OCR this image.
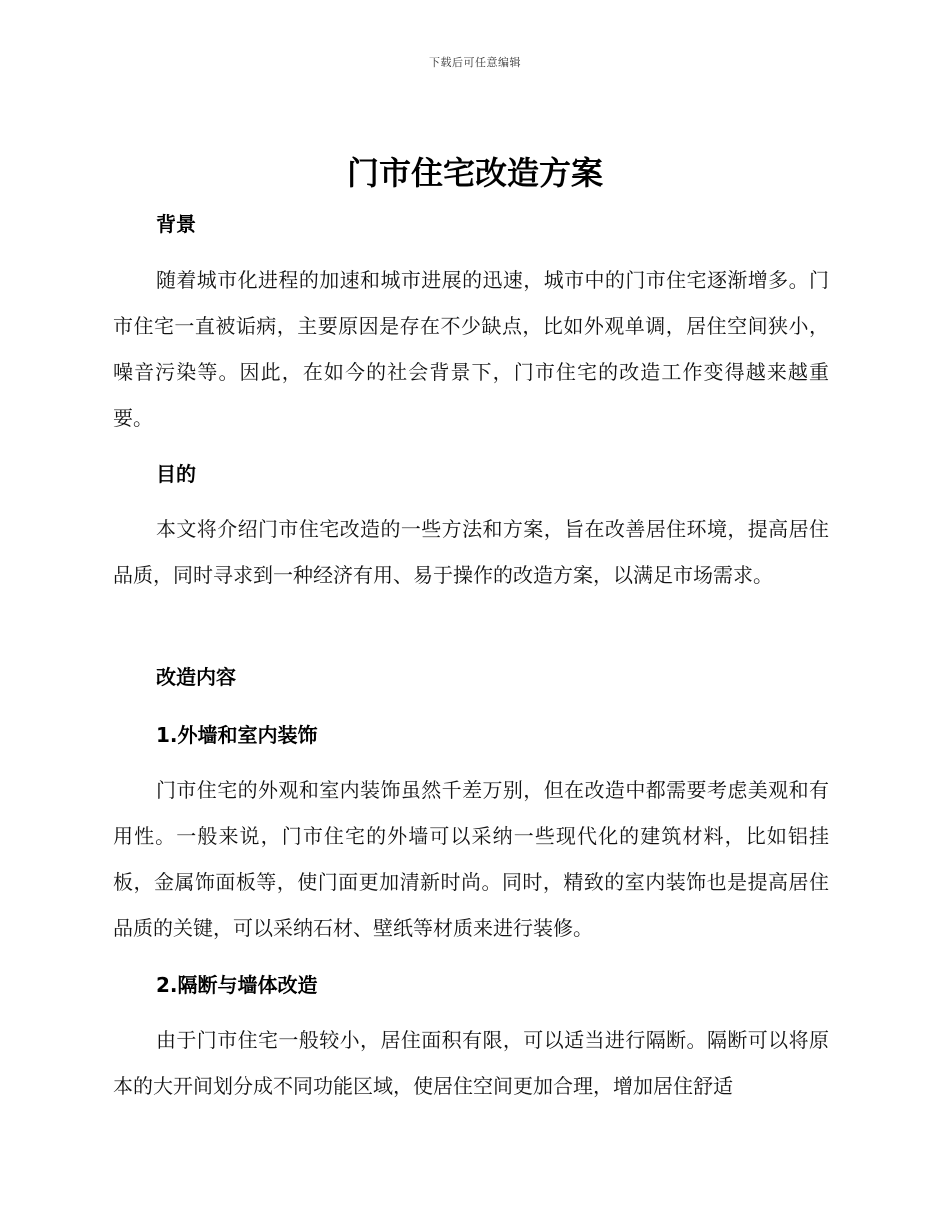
下载后可任意编辑
门市住宅改造方案
背景

随着城市化进程的加速和城市进展的迅速，城市中的门市住宅逐渐增多。门市住宅一直被诟病，主要原因是存在不少缺点，比如外观单调，居住空间狭小，噪音污染等。因此，在如今的社会背景下，门市住宅的改造工作变得越来越重要。

目的

本文将介绍门市住宅改造的一些方法和方案，旨在改善居住环境，提高居住品质，同时寻求到一种经济有用、易于操作的改造方案，以满足市场需求。

改造内容
1.外墙和室内装饰

门市住宅的外观和室内装饰虽然千差万别，但在改造中都需要考虑美观和有用性。一般来说，门市住宅的外墙可以采纳一些现代化的建筑材料，比如铝挂板，金属饰面板等，使门面更加清新时尚。同时，精致的室内装饰也是提高居住品质的关键，可以采纳石材、壁纸等材质来进行装修。

2.隔断与墙体改造

由于门市住宅一般较小，居住面积有限，可以适当进行隔断。隔断可以将原本的大开间划分成不同功能区域，使居住空间更加合理，增加居住舒适
